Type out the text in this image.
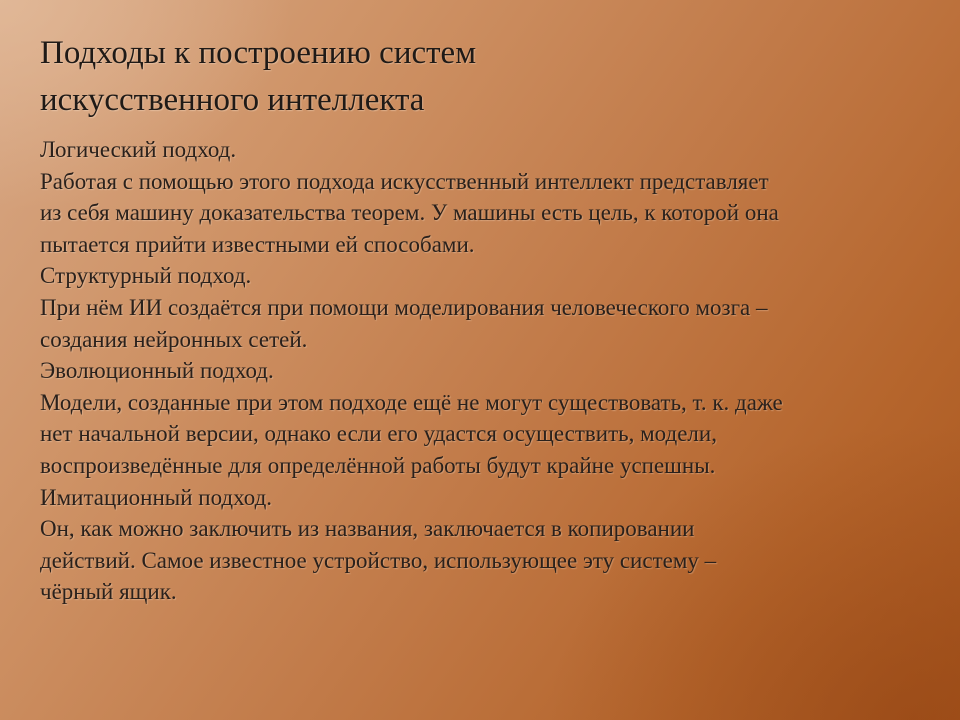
Подходы к построению систем
искусственного интеллекта
Логический подход.
Работая с помощью этого подхода искусственный интеллект представляет
из себя машину доказательства теорем. У машины есть цель, к которой она
пытается прийти известными ей способами.
Структурный подход.
При нём ИИ создаётся при помощи моделирования человеческого мозга –
создания нейронных сетей.
Эволюционный подход.
Модели, созданные при этом подходе ещё не могут существовать, т. к. даже
нет начальной версии, однако если его удастся осуществить, модели,
воспроизведённые для определённой работы будут крайне успешны.
Имитационный подход.
Он, как можно заключить из названия, заключается в копировании
действий. Самое известное устройство, использующее эту систему –
чёрный ящик.
